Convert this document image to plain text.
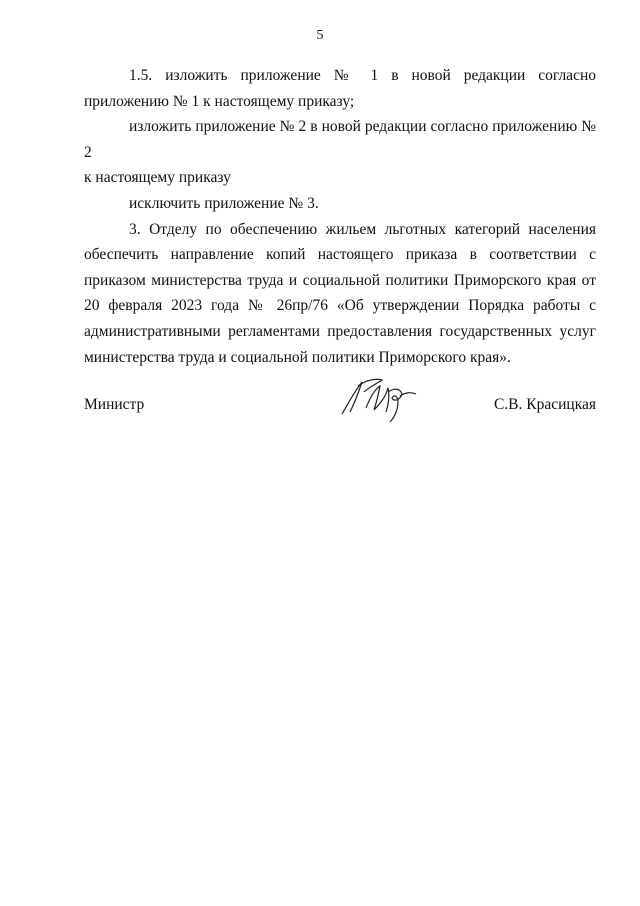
5

1.5. изложить приложение № 1 в новой редакции согласно

приложению № 1 к настоящему приказу;

изложить приложение № 2 в новой редакции согласно приложению № 2

к настоящему приказу

исключить приложение № 3.

3. Отделу по обеспечению жильем льготных категорий населения обеспечить направление копий настоящего приказа в соответствии с приказом министерства труда и социальной политики Приморского края от 20 февраля 2023 года № 26пр/76 «Об утверждении Порядка работы с административными регламентами предоставления государственных услуг министерства труда и социальной политики Приморского края».

Министр	С.В. Красицкая
